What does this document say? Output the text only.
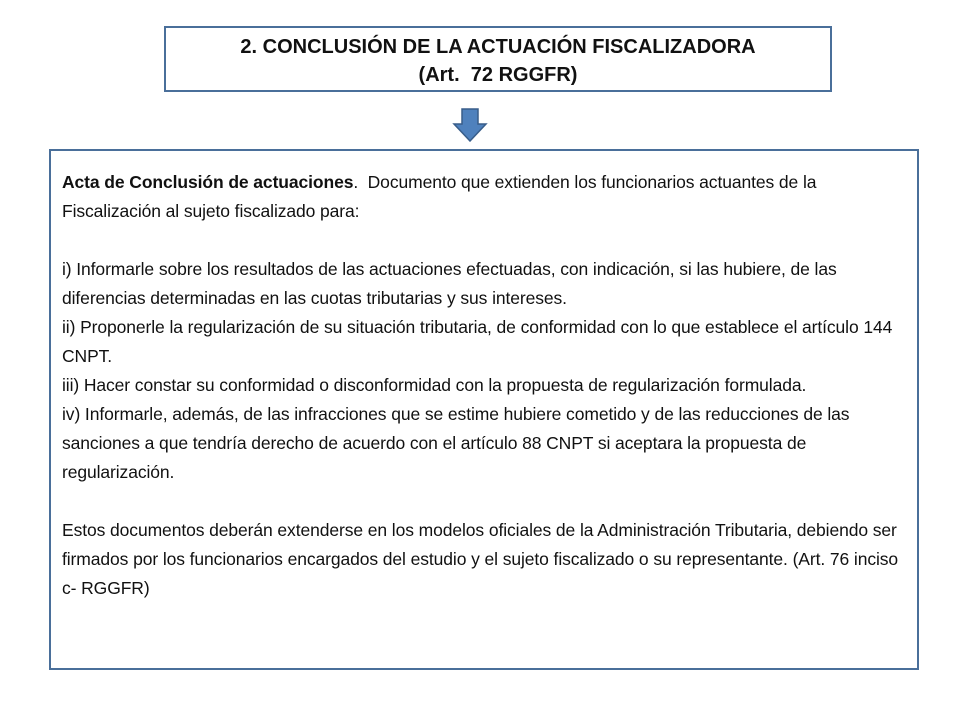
2. CONCLUSIÓN DE LA ACTUACIÓN FISCALIZADORA
(Art.  72 RGGFR)

Acta de Conclusión de actuaciones.  Documento que extienden los funcionarios actuantes de la Fiscalización al sujeto fiscalizado para:

i) Informarle sobre los resultados de las actuaciones efectuadas, con indicación, si las hubiere, de las diferencias determinadas en las cuotas tributarias y sus intereses.

ii) Proponerle la regularización de su situación tributaria, de conformidad con lo que establece el artículo 144 CNPT.

iii) Hacer constar su conformidad o disconformidad con la propuesta de regularización formulada.

iv) Informarle, además, de las infracciones que se estime hubiere cometido y de las reducciones de las sanciones a que tendría derecho de acuerdo con el artículo 88 CNPT si aceptara la propuesta de regularización.

Estos documentos deberán extenderse en los modelos oficiales de la Administración Tributaria, debiendo ser firmados por los funcionarios encargados del estudio y el sujeto fiscalizado o su representante. (Art. 76 inciso c- RGGFR)
